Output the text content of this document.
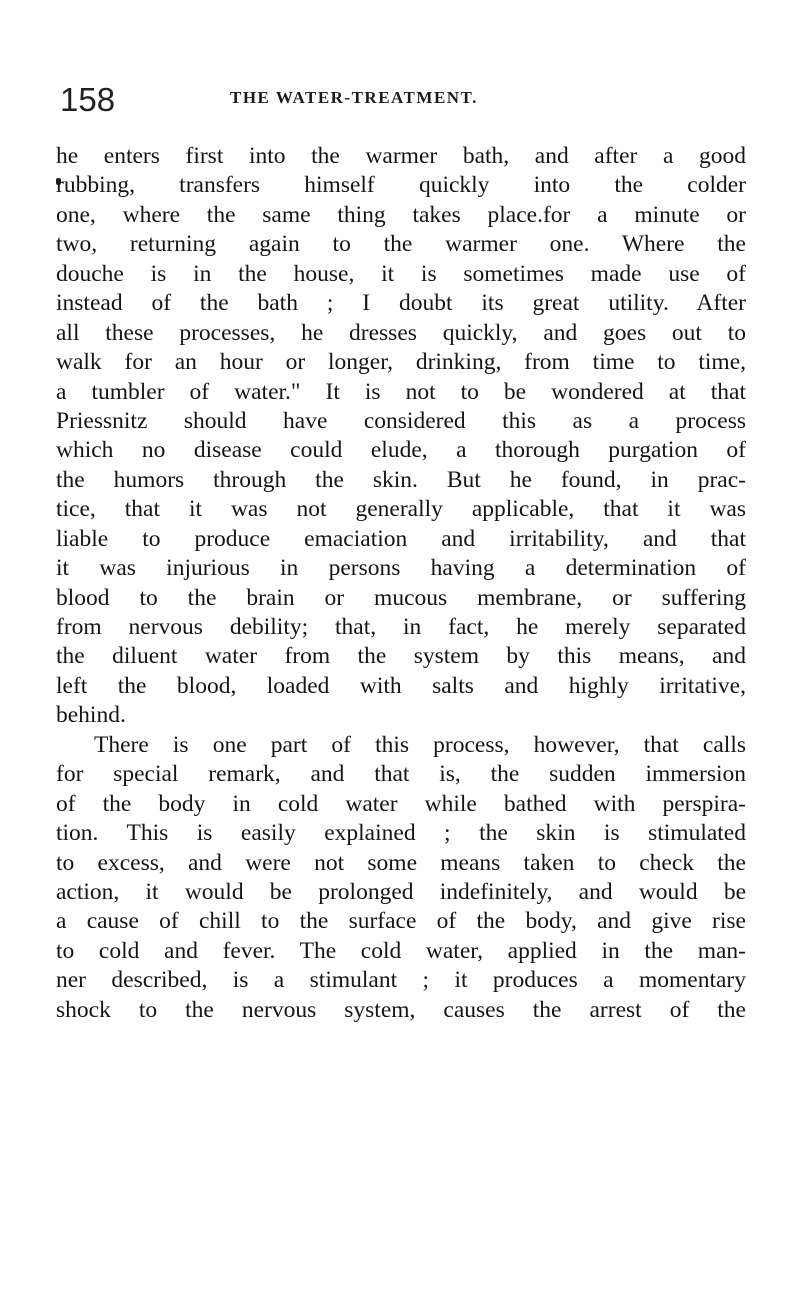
158	THE WATER-TREATMENT.
he enters first into the warmer bath, and after a good
rubbing, transfers himself quickly into the colder
one, where the same thing takes place.for a minute or
two, returning again to the warmer one. Where the
douche is in the house, it is sometimes made use of
instead of the bath ; I doubt its great utility. After
all these processes, he dresses quickly, and goes out to
walk for an hour or longer, drinking, from time to time,
a tumbler of water." It is not to be wondered at that
Priessnitz should have considered this as a process
which no disease could elude, a thorough purgation of
the humors through the skin. But he found, in prac-
tice, that it was not generally applicable, that it was
liable to produce emaciation and irritability, and that
it was injurious in persons having a determination of
blood to the brain or mucous membrane, or suffering
from nervous debility; that, in fact, he merely separated
the diluent water from the system by this means, and
left the blood, loaded with salts and highly irritative,
behind.
There is one part of this process, however, that calls
for special remark, and that is, the sudden immersion
of the body in cold water while bathed with perspira-
tion. This is easily explained ; the skin is stimulated
to excess, and were not some means taken to check the
action, it would be prolonged indefinitely, and would be
a cause of chill to the surface of the body, and give rise
to cold and fever. The cold water, applied in the man-
ner described, is a stimulant ; it produces a momentary
shock to the nervous system, causes the arrest of the
